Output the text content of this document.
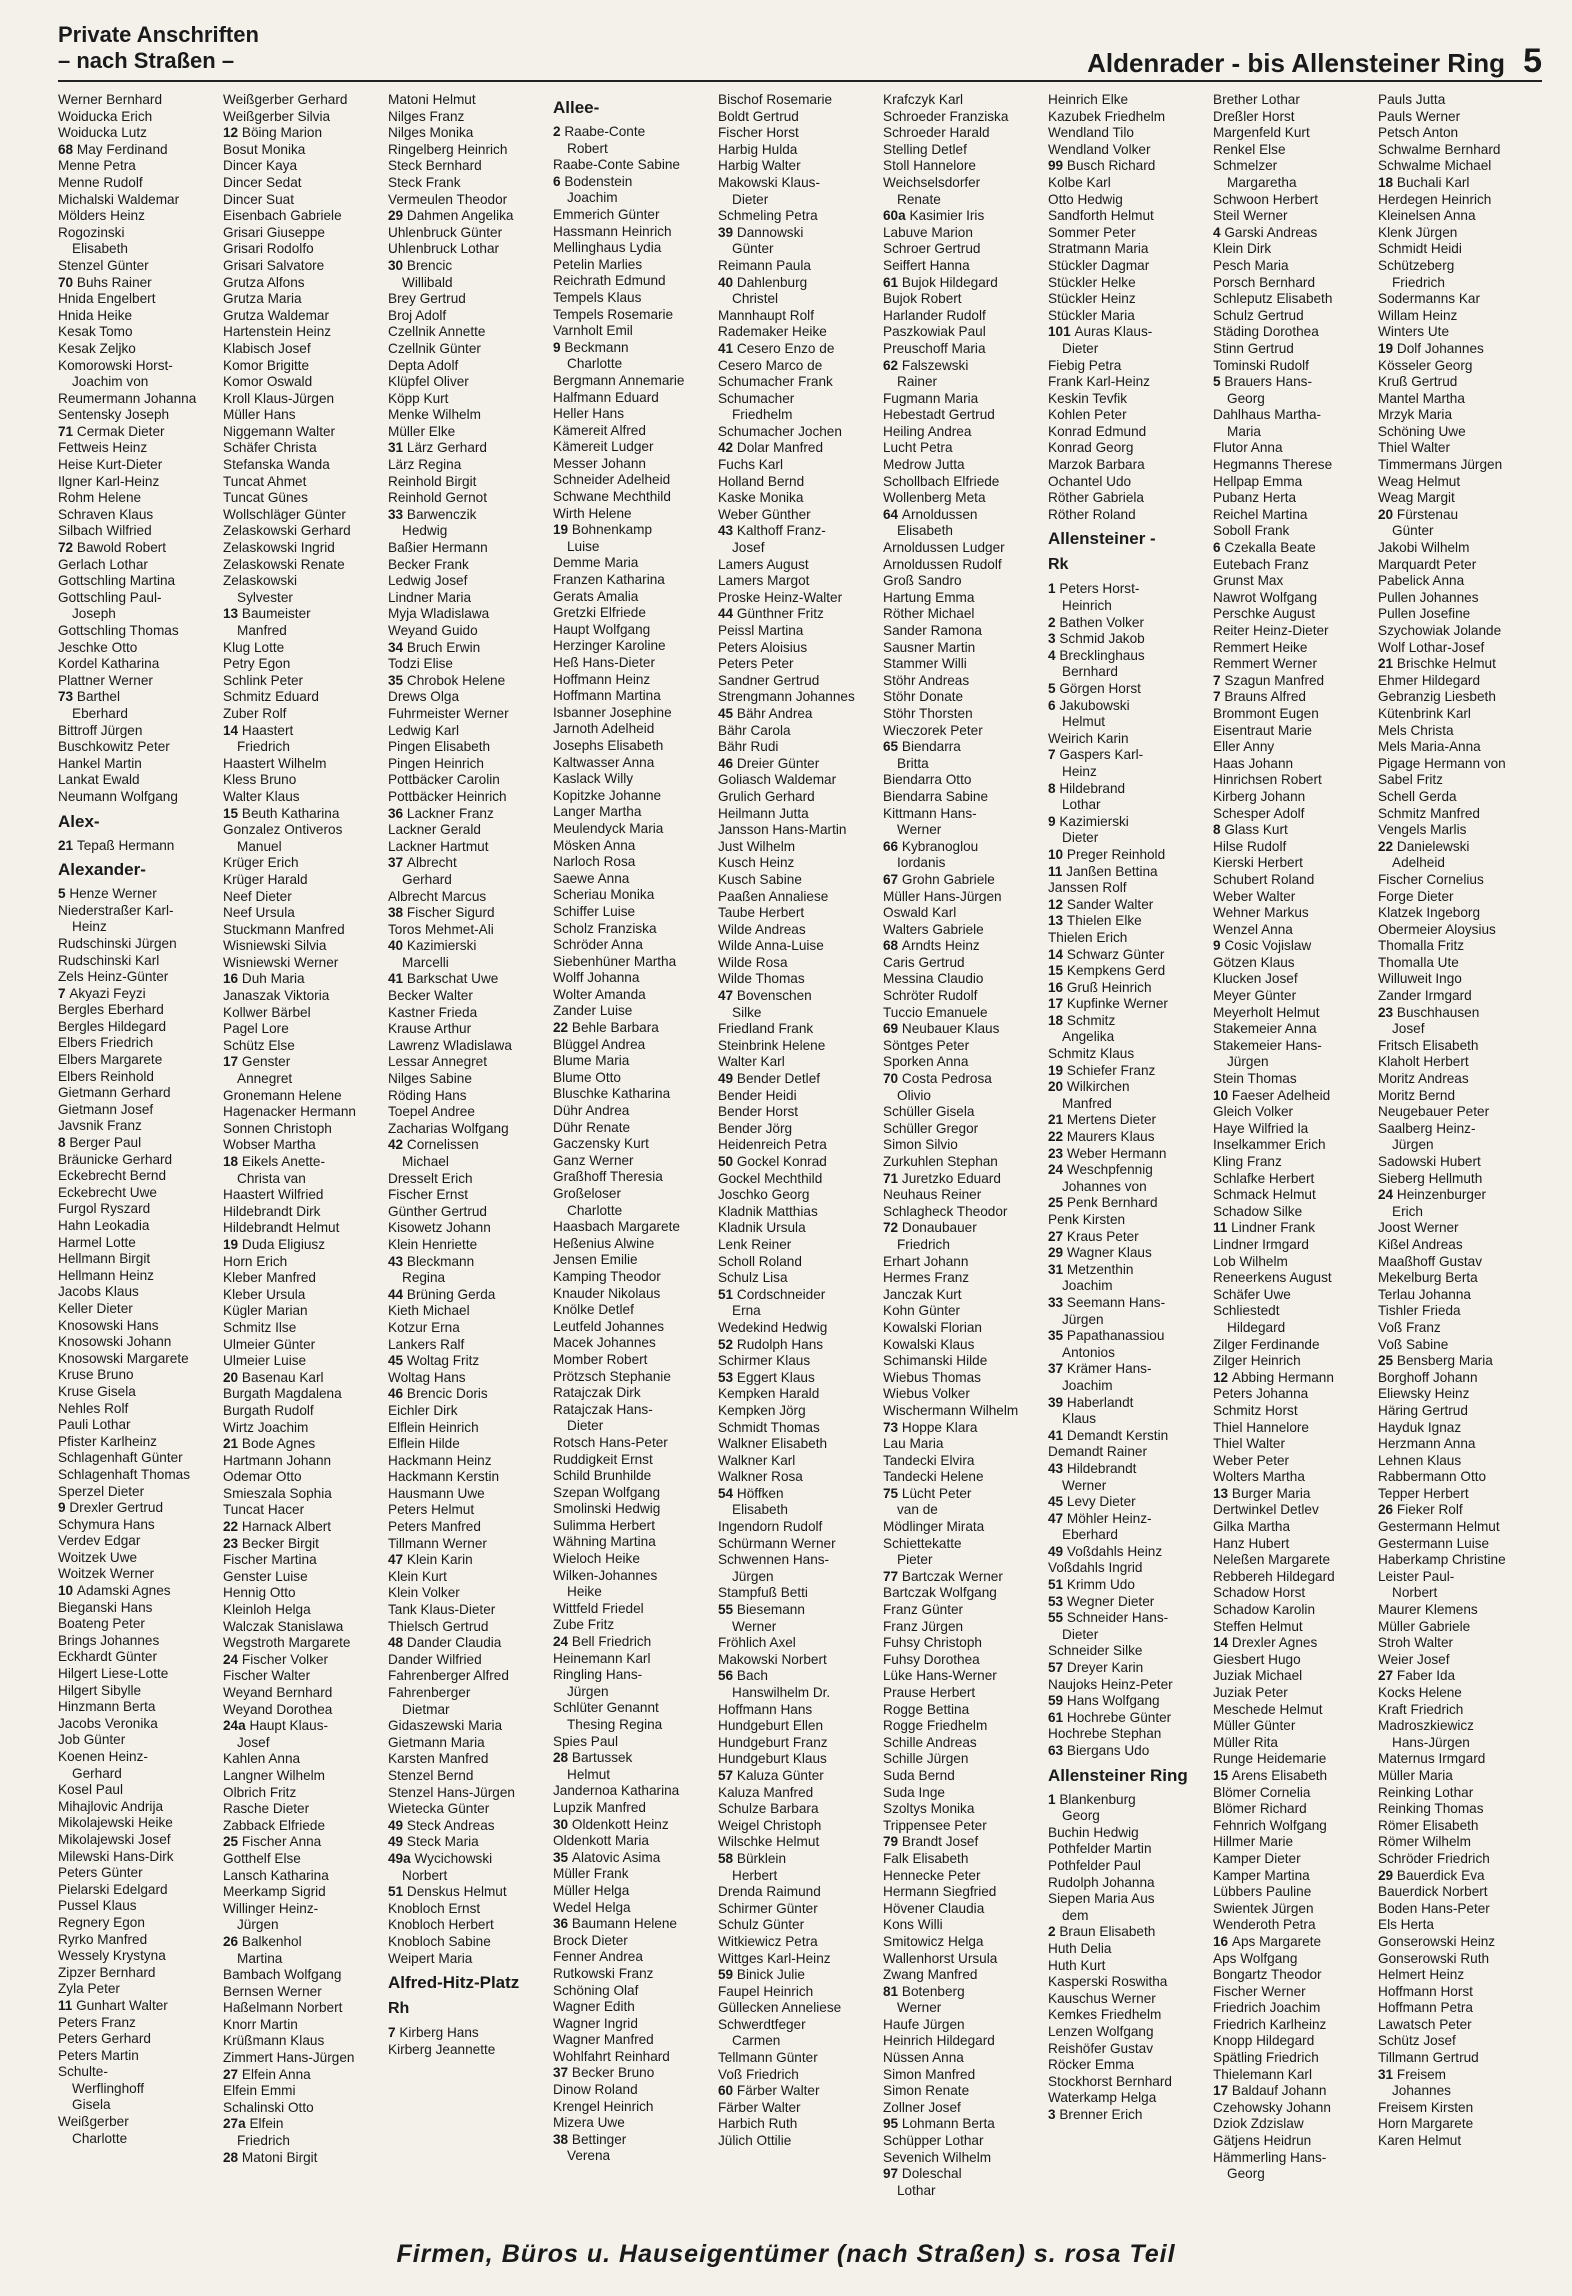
Private Anschriften
– nach Straßen –	Aldenrader - bis Allensteiner Ring 5
Werner Bernhard
Woiducka Erich
Woiducka Lutz
68 May Ferdinand
Menne Petra
Menne Rudolf
Michalski Waldemar
Mölders Heinz
Rogozinski
Elisabeth
Stenzel Günter
70 Buhs Rainer
Hnida Engelbert
Hnida Heike
Kesak Tomo
Kesak Zeljko
Komorowski Horst-
Joachim von
Reumermann Johanna
Sentensky Joseph
71 Cermak Dieter
Fettweis Heinz
Heise Kurt-Dieter
Ilgner Karl-Heinz
Rohm Helene
Schraven Klaus
Silbach Wilfried
72 Bawold Robert
Gerlach Lothar
Gottschling Martina
Gottschling Paul-
Joseph
Gottschling Thomas
Jeschke Otto
Kordel Katharina
Plattner Werner
73 Barthel
Eberhard
Bittroff Jürgen
Buschkowitz Peter
Hankel Martin
Lankat Ewald
Neumann Wolfgang
Alex-
21 Tepaß Hermann
Alexander-
5 Henze Werner
Niederstraßer Karl-
Heinz
Rudschinski Jürgen
Rudschinski Karl
Zels Heinz-Günter
7 Akyazi Feyzi
Bergles Eberhard
Bergles Hildegard
Elbers Friedrich
Elbers Margarete
Elbers Reinhold
Gietmann Gerhard
Gietmann Josef
Javsnik Franz
8 Berger Paul
Bräunicke Gerhard
Eckebrecht Bernd
Eckebrecht Uwe
Furgol Ryszard
Hahn Leokadia
Harmel Lotte
Hellmann Birgit
Hellmann Heinz
Jacobs Klaus
Keller Dieter
Knosowski Hans
Knosowski Johann
Knosowski Margarete
Kruse Bruno
Kruse Gisela
Nehles Rolf
Pauli Lothar
Pfister Karlheinz
Schlagenhaft Günter
Schlagenhaft Thomas
Sperzel Dieter
9 Drexler Gertrud
Schymura Hans
Verdev Edgar
Woitzek Uwe
Woitzek Werner
10 Adamski Agnes
Bieganski Hans
Boateng Peter
Brings Johannes
Eckhardt Günter
Hilgert Liese-Lotte
Hilgert Sibylle
Hinzmann Berta
Jacobs Veronika
Job Günter
Koenen Heinz-
Gerhard
Kosel Paul
Mihajlovic Andrija
Mikolajewski Heike
Mikolajewski Josef
Milewski Hans-Dirk
Peters Günter
Pielarski Edelgard
Pussel Klaus
Regnery Egon
Ryrko Manfred
Wessely Krystyna
Zipzer Bernhard
Zyla Peter
11 Gunhart Walter
Peters Franz
Peters Gerhard
Peters Martin
Schulte-
Werflinghoff
Gisela
Weißgerber
Charlotte
Weißgerber Gerhard
Weißgerber Silvia
12 Böing Marion
Bosut Monika
Dincer Kaya
Dincer Sedat
Dincer Suat
Eisenbach Gabriele
Grisari Giuseppe
Grisari Rodolfo
Grisari Salvatore
Grutza Alfons
Grutza Maria
Grutza Waldemar
Hartenstein Heinz
Klabisch Josef
Komor Brigitte
Komor Oswald
Kroll Klaus-Jürgen
Müller Hans
Niggemann Walter
Schäfer Christa
Stefanska Wanda
Tuncat Ahmet
Tuncat Günes
Wollschläger Günter
Zelaskowski Gerhard
Zelaskowski Ingrid
Zelaskowski Renate
Zelaskowski
Sylvester
13 Baumeister
Manfred
Klug Lotte
Petry Egon
Schlink Peter
Schmitz Eduard
Zuber Rolf
14 Haastert
Friedrich
Haastert Wilhelm
Kless Bruno
Walter Klaus
15 Beuth Katharina
Gonzalez Ontiveros
Manuel
Krüger Erich
Krüger Harald
Neef Dieter
Neef Ursula
Stuckmann Manfred
Wisniewski Silvia
Wisniewski Werner
16 Duh Maria
Janaszak Viktoria
Kollwer Bärbel
Pagel Lore
Schütz Else
17 Genster
Annegret
Gronemann Helene
Hagenacker Hermann
Sonnen Christoph
Wobser Martha
18 Eikels Anette-
Christa van
Haastert Wilfried
Hildebrandt Dirk
Hildebrandt Helmut
19 Duda Eligiusz
Horn Erich
Kleber Manfred
Kleber Ursula
Kügler Marian
Schmitz Ilse
Ulmeier Günter
Ulmeier Luise
20 Basenau Karl
Burgath Magdalena
Burgath Rudolf
Wirtz Joachim
21 Bode Agnes
Hartmann Johann
Odemar Otto
Smieszala Sophia
Tuncat Hacer
22 Harnack Albert
23 Becker Birgit
Fischer Martina
Genster Luise
Hennig Otto
Kleinloh Helga
Walczak Stanislawa
Wegstroth Margarete
24 Fischer Volker
Fischer Walter
Weyand Bernhard
Weyand Dorothea
24a Haupt Klaus-
Josef
Kahlen Anna
Langner Wilhelm
Olbrich Fritz
Rasche Dieter
Zabback Elfriede
25 Fischer Anna
Gotthelf Else
Lansch Katharina
Meerkamp Sigrid
Willinger Heinz-
Jürgen
26 Balkenhol
Martina
Bambach Wolfgang
Bernsen Werner
Haßelmann Norbert
Knorr Martin
Krüßmann Klaus
Zimmert Hans-Jürgen
27 Elfein Anna
Elfein Emmi
Schalinski Otto
27a Elfein
Friedrich
28 Matoni Birgit
Matoni Helmut
Nilges Franz
Nilges Monika
Ringelberg Heinrich
Steck Bernhard
Steck Frank
Vermeulen Theodor
29 Dahmen Angelika
Uhlenbruck Günter
Uhlenbruck Lothar
30 Brencic
Willibald
Brey Gertrud
Broj Adolf
Czellnik Annette
Czellnik Günter
Depta Adolf
Klüpfel Oliver
Köpp Kurt
Menke Wilhelm
Müller Elke
31 Lärz Gerhard
Lärz Regina
Reinhold Birgit
Reinhold Gernot
33 Barwenczik
Hedwig
Baßier Hermann
Becker Frank
Ledwig Josef
Lindner Maria
Myja Wladislawa
Weyand Guido
34 Bruch Erwin
Todzi Elise
35 Chrobok Helene
Drews Olga
Fuhrmeister Werner
Ledwig Karl
Pingen Elisabeth
Pingen Heinrich
Pottbäcker Carolin
Pottbäcker Heinrich
36 Lackner Franz
Lackner Gerald
Lackner Hartmut
37 Albrecht
Gerhard
Albrecht Marcus
38 Fischer Sigurd
Toros Mehmet-Ali
40 Kazimierski
Marcelli
41 Barkschat Uwe
Becker Walter
Kastner Frieda
Krause Arthur
Lawrenz Wladislawa
Lessar Annegret
Nilges Sabine
Röding Hans
Toepel Andree
Zacharias Wolfgang
42 Cornelissen
Michael
Dresselt Erich
Fischer Ernst
Günther Gertrud
Kisowetz Johann
Klein Henriette
43 Bleckmann
Regina
44 Brüning Gerda
Kieth Michael
Kotzur Erna
Lankers Ralf
45 Woltag Fritz
Woltag Hans
46 Brencic Doris
Eichler Dirk
Elflein Heinrich
Elflein Hilde
Hackmann Heinz
Hackmann Kerstin
Hausmann Uwe
Peters Helmut
Peters Manfred
Tillmann Werner
47 Klein Karin
Klein Kurt
Klein Volker
Tank Klaus-Dieter
Thielsch Gertrud
48 Dander Claudia
Dander Wilfried
Fahrenberger Alfred
Fahrenberger
Dietmar
Gidaszewski Maria
Gietmann Maria
Karsten Manfred
Stenzel Bernd
Stenzel Hans-Jürgen
Wietecka Günter
49 Steck Andreas
49 Steck Maria
49a Wycichowski
Norbert
51 Denskus Helmut
Knobloch Ernst
Knobloch Herbert
Knobloch Sabine
Weipert Maria
Alfred-Hitz-Platz
Rh
7 Kirberg Hans
Kirberg Jeannette
Allee-
2 Raabe-Conte
Robert
Raabe-Conte Sabine
6 Bodenstein
Joachim
Emmerich Günter
Hassmann Heinrich
Mellinghaus Lydia
Petelin Marlies
Reichrath Edmund
Tempels Klaus
Tempels Rosemarie
Varnholt Emil
9 Beckmann
Charlotte
Bergmann Annemarie
Halfmann Eduard
Heller Hans
Kämereit Alfred
Kämereit Ludger
Messer Johann
Schneider Adelheid
Schwane Mechthild
Wirth Helene
19 Bohnenkamp
Luise
Demme Maria
Franzen Katharina
Gerats Amalia
Gretzki Elfriede
Haupt Wolfgang
Herzinger Karoline
Heß Hans-Dieter
Hoffmann Heinz
Hoffmann Martina
Isbanner Josephine
Jarnoth Adelheid
Josephs Elisabeth
Kaltwasser Anna
Kaslack Willy
Kopitzke Johanne
Langer Martha
Meulendyck Maria
Mösken Anna
Narloch Rosa
Saewe Anna
Scheriau Monika
Schiffer Luise
Scholz Franziska
Schröder Anna
Siebenhüner Martha
Wolff Johanna
Wolter Amanda
Zander Luise
22 Behle Barbara
Blüggel Andrea
Blume Maria
Blume Otto
Bluschke Katharina
Dühr Andrea
Dühr Renate
Gaczensky Kurt
Ganz Werner
Graßhoff Theresia
Großeloser
Charlotte
Haasbach Margarete
Heßenius Alwine
Jensen Emilie
Kamping Theodor
Knauder Nikolaus
Knölke Detlef
Leutfeld Johannes
Macek Johannes
Momber Robert
Prötzsch Stephanie
Ratajczak Dirk
Ratajczak Hans-
Dieter
Rotsch Hans-Peter
Ruddigkeit Ernst
Schild Brunhilde
Szepan Wolfgang
Smolinski Hedwig
Sulimma Herbert
Wähning Martina
Wieloch Heike
Wilken-Johannes
Heike
Wittfeld Friedel
Zube Fritz
24 Bell Friedrich
Heinemann Karl
Ringling Hans-
Jürgen
Schlüter Genannt
Thesing Regina
Spies Paul
28 Bartussek
Helmut
Jandernoa Katharina
Lupzik Manfred
30 Oldenkott Heinz
Oldenkott Maria
35 Alatovic Asima
Müller Frank
Müller Helga
Wedel Helga
36 Baumann Helene
Brock Dieter
Fenner Andrea
Rutkowski Franz
Schöning Olaf
Wagner Edith
Wagner Ingrid
Wagner Manfred
Wohlfahrt Reinhard
37 Becker Bruno
Dinow Roland
Krengel Heinrich
Mizera Uwe
38 Bettinger
Verena
Bischof Rosemarie
Boldt Gertrud
Fischer Horst
Harbig Hulda
Harbig Walter
Makowski Klaus-
Dieter
Schmeling Petra
39 Dannowski
Günter
Reimann Paula
40 Dahlenburg
Christel
Mannhaupt Rolf
Rademaker Heike
41 Cesero Enzo de
Cesero Marco de
Schumacher Frank
Schumacher
Friedhelm
Schumacher Jochen
42 Dolar Manfred
Fuchs Karl
Holland Bernd
Kaske Monika
Weber Günther
43 Kalthoff Franz-
Josef
Lamers August
Lamers Margot
Proske Heinz-Walter
44 Günthner Fritz
Peissl Martina
Peters Aloisius
Peters Peter
Sandner Gertrud
Strengmann Johannes
45 Bähr Andrea
Bähr Carola
Bähr Rudi
46 Dreier Günter
Goliasch Waldemar
Grulich Gerhard
Heilmann Jutta
Jansson Hans-Martin
Just Wilhelm
Kusch Heinz
Kusch Sabine
Paaßen Annaliese
Taube Herbert
Wilde Andreas
Wilde Anna-Luise
Wilde Rosa
Wilde Thomas
47 Bovenschen
Silke
Friedland Frank
Steinbrink Helene
Walter Karl
49 Bender Detlef
Bender Heidi
Bender Horst
Bender Jörg
Heidenreich Petra
50 Gockel Konrad
Gockel Mechthild
Joschko Georg
Kladnik Matthias
Kladnik Ursula
Lenk Reiner
Scholl Roland
Schulz Lisa
51 Cordschneider
Erna
Wedekind Hedwig
52 Rudolph Hans
Schirmer Klaus
53 Eggert Klaus
Kempken Harald
Kempken Jörg
Schmidt Thomas
Walkner Elisabeth
Walkner Karl
Walkner Rosa
54 Höffken
Elisabeth
Ingendorn Rudolf
Schürmann Werner
Schwennen Hans-
Jürgen
Stampfuß Betti
55 Biesemann
Werner
Fröhlich Axel
Makowski Norbert
56 Bach
Hanswilhelm Dr.
Hoffmann Hans
Hundgeburt Ellen
Hundgeburt Franz
Hundgeburt Klaus
57 Kaluza Günter
Kaluza Manfred
Schulze Barbara
Weigel Christoph
Wilschke Helmut
58 Bürklein
Herbert
Drenda Raimund
Schirmer Günter
Schulz Günter
Witkiewicz Petra
Wittges Karl-Heinz
59 Binick Julie
Faupel Heinrich
Güllecken Anneliese
Schwerdtfeger
Carmen
Tellmann Günter
Voß Friedrich
60 Färber Walter
Färber Walter
Harbich Ruth
Jülich Ottilie
Krafczyk Karl
Schroeder Franziska
Schroeder Harald
Stelling Detlef
Stoll Hannelore
Weichselsdorfer
Renate
60a Kasimier Iris
Labuve Marion
Schroer Gertrud
Seiffert Hanna
61 Bujok Hildegard
Bujok Robert
Harlander Rudolf
Paszkowiak Paul
Preuschoff Maria
62 Falszewski
Rainer
Fugmann Maria
Hebestadt Gertrud
Heiling Andrea
Lucht Petra
Medrow Jutta
Schollbach Elfriede
Wollenberg Meta
64 Arnoldussen
Elisabeth
Arnoldussen Ludger
Arnoldussen Rudolf
Groß Sandro
Hartung Emma
Röther Michael
Sander Ramona
Sausner Martin
Stammer Willi
Stöhr Andreas
Stöhr Donate
Stöhr Thorsten
Wieczorek Peter
65 Biendarra
Britta
Biendarra Otto
Biendarra Sabine
Kittmann Hans-
Werner
66 Kybranoglou
Iordanis
67 Grohn Gabriele
Müller Hans-Jürgen
Oswald Karl
Walters Gabriele
68 Arndts Heinz
Caris Gertrud
Messina Claudio
Schröter Rudolf
Tuccio Emanuele
69 Neubauer Klaus
Söntges Peter
Sporken Anna
70 Costa Pedrosa
Olivio
Schüller Gisela
Schüller Gregor
Simon Silvio
Zurkuhlen Stephan
71 Juretzko Eduard
Neuhaus Reiner
Schlagheck Theodor
72 Donaubauer
Friedrich
Erhart Johann
Hermes Franz
Janczak Kurt
Kohn Günter
Kowalski Florian
Kowalski Klaus
Schimanski Hilde
Wiebus Thomas
Wiebus Volker
Wischermann Wilhelm
73 Hoppe Klara
Lau Maria
Tandecki Elvira
Tandecki Helene
75 Lücht Peter
van de
Mödlinger Mirata
Schiettekatte
Pieter
77 Bartczak Werner
Bartczak Wolfgang
Franz Günter
Franz Jürgen
Fuhsy Christoph
Fuhsy Dorothea
Lüke Hans-Werner
Prause Herbert
Rogge Bettina
Rogge Friedhelm
Schille Andreas
Schille Jürgen
Suda Bernd
Suda Inge
Szoltys Monika
Trippensee Peter
79 Brandt Josef
Falk Elisabeth
Hennecke Peter
Hermann Siegfried
Hövener Claudia
Kons Willi
Smitowicz Helga
Wallenhorst Ursula
Zwang Manfred
81 Botenberg
Werner
Haufe Jürgen
Heinrich Hildegard
Nüssen Anna
Simon Manfred
Simon Renate
Zollner Josef
95 Lohmann Berta
Schüpper Lothar
Sevenich Wilhelm
97 Doleschal
Lothar
Heinrich Elke
Kazubek Friedhelm
Wendland Tilo
Wendland Volker
99 Busch Richard
Kolbe Karl
Otto Hedwig
Sandforth Helmut
Sommer Peter
Stratmann Maria
Stückler Dagmar
Stückler Helke
Stückler Heinz
Stückler Maria
101 Auras Klaus-
Dieter
Fiebig Petra
Frank Karl-Heinz
Keskin Tevfik
Kohlen Peter
Konrad Edmund
Konrad Georg
Marzok Barbara
Ochantel Udo
Röther Gabriela
Röther Roland
Allensteiner -
Rk
1 Peters Horst-
Heinrich
2 Bathen Volker
3 Schmid Jakob
4 Brecklinghaus
Bernhard
5 Görgen Horst
6 Jakubowski
Helmut
Weirich Karin
7 Gaspers Karl-
Heinz
8 Hildebrand
Lothar
9 Kazimierski
Dieter
10 Preger Reinhold
11 Janßen Bettina
Janssen Rolf
12 Sander Walter
13 Thielen Elke
Thielen Erich
14 Schwarz Günter
15 Kempkens Gerd
16 Gruß Heinrich
17 Kupfinke Werner
18 Schmitz
Angelika
Schmitz Klaus
19 Schiefer Franz
20 Wilkirchen
Manfred
21 Mertens Dieter
22 Maurers Klaus
23 Weber Hermann
24 Weschpfennig
Johannes von
25 Penk Bernhard
Penk Kirsten
27 Kraus Peter
29 Wagner Klaus
31 Metzenthin
Joachim
33 Seemann Hans-
Jürgen
35 Papathanassiou
Antonios
37 Krämer Hans-
Joachim
39 Haberlandt
Klaus
41 Demandt Kerstin
Demandt Rainer
43 Hildebrandt
Werner
45 Levy Dieter
47 Möhler Heinz-
Eberhard
49 Voßdahls Heinz
Voßdahls Ingrid
51 Krimm Udo
53 Wegner Dieter
55 Schneider Hans-
Dieter
Schneider Silke
57 Dreyer Karin
Naujoks Heinz-Peter
59 Hans Wolfgang
61 Hochrebe Günter
Hochrebe Stephan
63 Biergans Udo
Allensteiner Ring
1 Blankenburg
Georg
Buchin Hedwig
Pothfelder Martin
Pothfelder Paul
Rudolph Johanna
Siepen Maria Aus
dem
2 Braun Elisabeth
Huth Delia
Huth Kurt
Kasperski Roswitha
Kauschus Werner
Kemkes Friedhelm
Lenzen Wolfgang
Reishöfer Gustav
Röcker Emma
Stockhorst Bernhard
Waterkamp Helga
3 Brenner Erich
Brether Lothar
Dreßler Horst
Margenfeld Kurt
Renkel Else
Schmelzer
Margaretha
Schwoon Herbert
Steil Werner
4 Garski Andreas
Klein Dirk
Pesch Maria
Porsch Bernhard
Schleputz Elisabeth
Schulz Gertrud
Städing Dorothea
Stinn Gertrud
Tominski Rudolf
5 Brauers Hans-
Georg
Dahlhaus Martha-
Maria
Flutor Anna
Hegmanns Therese
Hellpap Emma
Pubanz Herta
Reichel Martina
Soboll Frank
6 Czekalla Beate
Eutebach Franz
Grunst Max
Nawrot Wolfgang
Perschke August
Reiter Heinz-Dieter
Remmert Heike
Remmert Werner
7 Szagun Manfred
7 Brauns Alfred
Brommont Eugen
Eisentraut Marie
Eller Anny
Haas Johann
Hinrichsen Robert
Kirberg Johann
Schesper Adolf
8 Glass Kurt
Hilse Rudolf
Kierski Herbert
Schubert Roland
Weber Walter
Wehner Markus
Wenzel Anna
9 Cosic Vojislaw
Götzen Klaus
Klucken Josef
Meyer Günter
Meyerholt Helmut
Stakemeier Anna
Stakemeier Hans-
Jürgen
Stein Thomas
10 Faeser Adelheid
Gleich Volker
Haye Wilfried la
Inselkammer Erich
Kling Franz
Schlafke Herbert
Schmack Helmut
Schadow Silke
11 Lindner Frank
Lindner Irmgard
Lob Wilhelm
Reneerkens August
Schäfer Uwe
Schliestedt
Hildegard
Zilger Ferdinande
Zilger Heinrich
12 Abbing Hermann
Peters Johanna
Schmitz Horst
Thiel Hannelore
Thiel Walter
Weber Peter
Wolters Martha
13 Burger Maria
Dertwinkel Detlev
Gilka Martha
Hanz Hubert
Neleßen Margarete
Rebbereh Hildegard
Schadow Horst
Schadow Karolin
Steffen Helmut
14 Drexler Agnes
Giesbert Hugo
Juziak Michael
Juziak Peter
Meschede Helmut
Müller Günter
Müller Rita
Runge Heidemarie
15 Arens Elisabeth
Blömer Cornelia
Blömer Richard
Fehnrich Wolfgang
Hillmer Marie
Kamper Dieter
Kamper Martina
Lübbers Pauline
Swientek Jürgen
Wenderoth Petra
16 Aps Margarete
Aps Wolfgang
Bongartz Theodor
Fischer Werner
Friedrich Joachim
Friedrich Karlheinz
Knopp Hildegard
Spätling Friedrich
Thielemann Karl
17 Baldauf Johann
Czehowsky Johann
Dziok Zdzislaw
Gätjens Heidrun
Hämmerling Hans-
Georg
Pauls Jutta
Pauls Werner
Petsch Anton
Schwalme Bernhard
Schwalme Michael
18 Buchali Karl
Herdegen Heinrich
Kleinelsen Anna
Klenk Jürgen
Schmidt Heidi
Schützeberg
Friedrich
Sodermanns Kar
Willam Heinz
Winters Ute
19 Dolf Johannes
Kösseler Georg
Kruß Gertrud
Mantel Martha
Mrzyk Maria
Schöning Uwe
Thiel Walter
Timmermans Jürgen
Weag Helmut
Weag Margit
20 Fürstenau
Günter
Jakobi Wilhelm
Marquardt Peter
Pabelick Anna
Pullen Johannes
Pullen Josefine
Szychowiak Jolande
Wolf Lothar-Josef
21 Brischke Helmut
Ehmer Hildegard
Gebranzig Liesbeth
Kütenbrink Karl
Mels Christa
Mels Maria-Anna
Pigage Hermann von
Sabel Fritz
Schell Gerda
Schmitz Manfred
Vengels Marlis
22 Danielewski
Adelheid
Fischer Cornelius
Forge Dieter
Klatzek Ingeborg
Obermeier Aloysius
Thomalla Fritz
Thomalla Ute
Willuweit Ingo
Zander Irmgard
23 Buschhausen
Josef
Fritsch Elisabeth
Klaholt Herbert
Moritz Andreas
Moritz Bernd
Neugebauer Peter
Saalberg Heinz-
Jürgen
Sadowski Hubert
Sieberg Hellmuth
24 Heinzenburger
Erich
Joost Werner
Kißel Andreas
Maaßhoff Gustav
Mekelburg Berta
Terlau Johanna
Tishler Frieda
Voß Franz
Voß Sabine
25 Bensberg Maria
Borghoff Johann
Eliewsky Heinz
Häring Gertrud
Hayduk Ignaz
Herzmann Anna
Lehnen Klaus
Rabbermann Otto
Tepper Herbert
26 Fieker Rolf
Gestermann Helmut
Gestermann Luise
Haberkamp Christine
Leister Paul-
Norbert
Maurer Klemens
Müller Gabriele
Stroh Walter
Weier Josef
27 Faber Ida
Kocks Helene
Kraft Friedrich
Madroszkiewicz
Hans-Jürgen
Maternus Irmgard
Müller Maria
Reinking Lothar
Reinking Thomas
Römer Elisabeth
Römer Wilhelm
Schröder Friedrich
29 Bauerdick Eva
Bauerdick Norbert
Boden Hans-Peter
Els Herta
Gonserowski Heinz
Gonserowski Ruth
Helmert Heinz
Hoffmann Horst
Hoffmann Petra
Lawatsch Peter
Schütz Josef
Tillmann Gertrud
31 Freisem
Johannes
Freisem Kirsten
Horn Margarete
Karen Helmut
Firmen, Büros u. Hauseigentümer (nach Straßen) s. rosa Teil
